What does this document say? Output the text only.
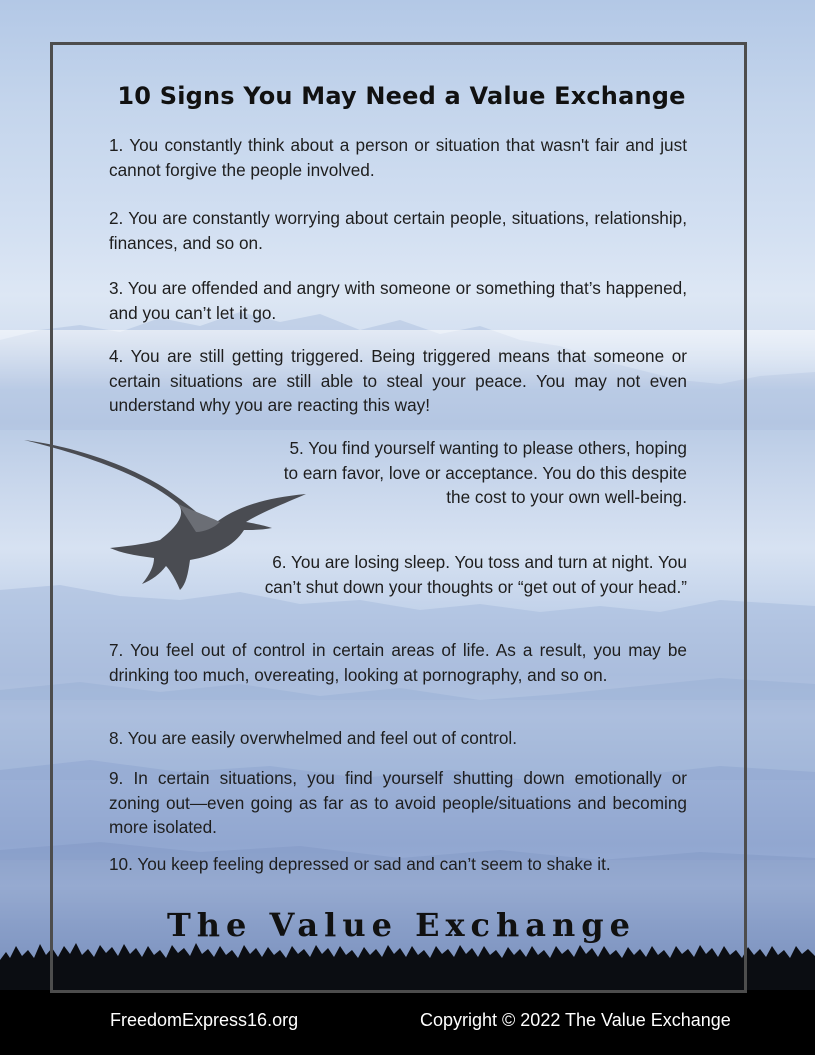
10 Signs You May Need a Value Exchange

1. You constantly think about a person or situation that wasn't fair and just cannot forgive the people involved.

2. You are constantly worrying about certain people, situations, relationship, finances, and so on.

3. You are offended and angry with someone or something that’s happened, and you can’t let it go.

4. You are still getting triggered. Being triggered means that someone or certain situations are still able to steal your peace. You may not even understand why you are reacting this way!

5. You find yourself wanting to please others, hoping to earn favor, love or acceptance. You do this despite the cost to your own well-being.

6. You are losing sleep. You toss and turn at night. You can’t shut down your thoughts or “get out of your head.”

7. You feel out of control in certain areas of life. As a result, you may be drinking too much, overeating, looking at pornography, and so on.

8. You are easily overwhelmed and feel out of control.

9. In certain situations, you find yourself shutting down emotionally or zoning out—even going as far as to avoid people/situations and becoming more isolated.

10. You keep feeling depressed or sad and can’t seem to shake it.

The Value Exchange
FreedomExpress16.org	Copyright © 2022 The Value Exchange
